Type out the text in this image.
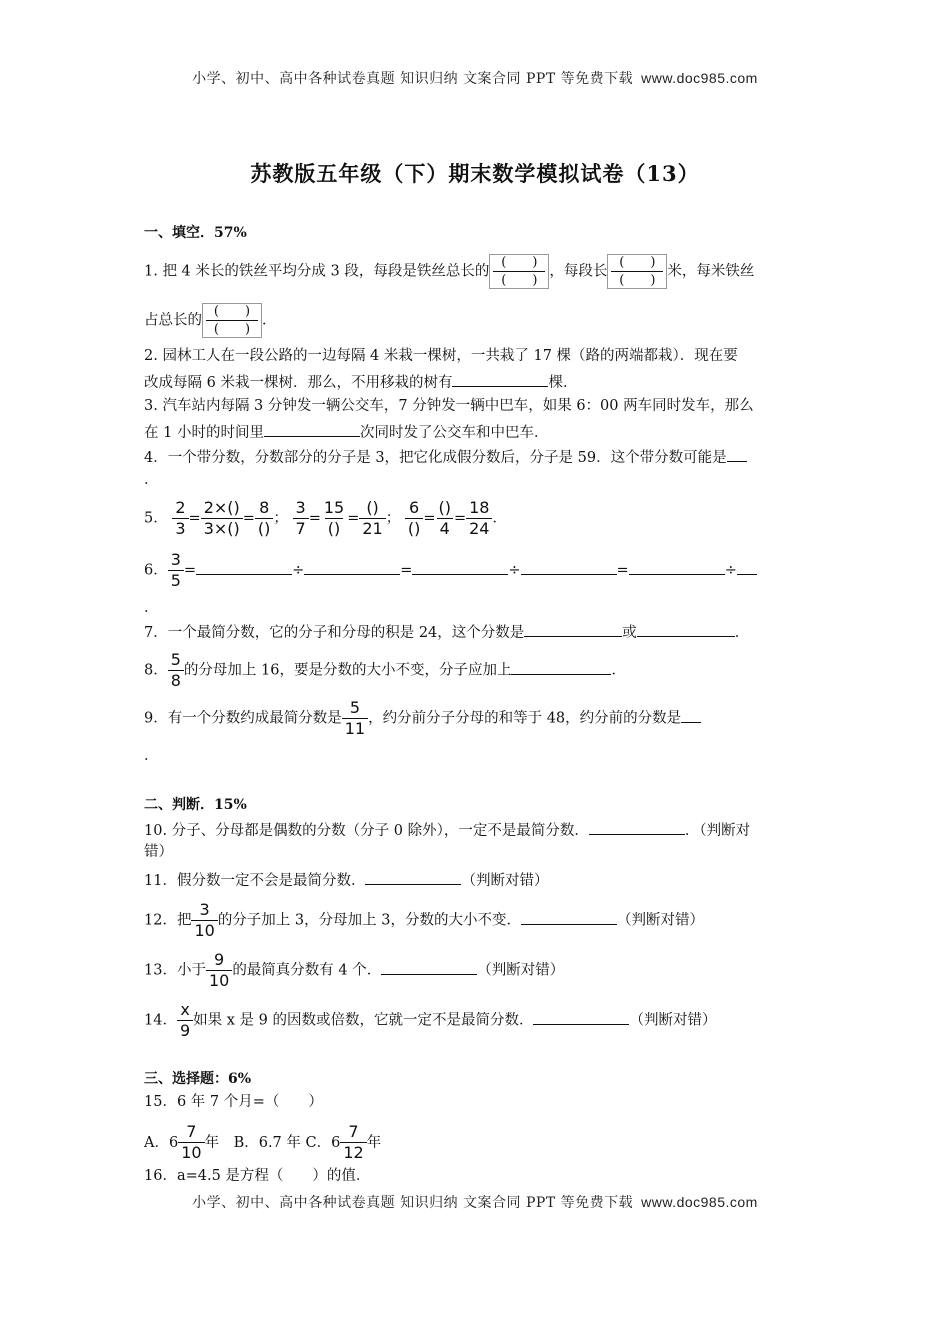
小学、初中、高中各种试卷真题 知识归纳 文案合同 PPT 等免费下载 www.doc985.com
苏教版五年级（下）期末数学模拟试卷（13）
一、填空．57%
1. 把 4 米长的铁丝平均分成 3 段，每段是铁丝总长的 $\frac{( )}{( )}$ ，每段长 $\frac{( )}{( )}$ 米，每米铁丝
占总长的 $\frac{( )}{( )}$ ．
2. 园林工人在一段公路的一边每隔 4 米栽一棵树，一共栽了 17 棵（路的两端都栽）．现在要
改成每隔 6 米栽一棵树．那么，不用移栽的树有	棵．
3. 汽车站内每隔 3 分钟发一辆公交车，7 分钟发一辆中巴车，如果 6：00 两车同时发车，那么
在 1 小时的时间里	次同时发了公交车和中巴车．
4．一个带分数，分数部分的分子是 3，把它化成假分数后，分子是 59．这个带分数可能是
．
5． $\frac{2}{3} = \frac{2\times()}{3\times()} = \frac{8}{()}$ ； $\frac{3}{7} = \frac{15}{()} = \frac{()}{21}$ ； $\frac{6}{()} = \frac{()}{4} = \frac{18}{24}$ ．
6． $\frac{3}{5}$ =	÷	=	÷	=	÷
．
7．一个最简分数，它的分子和分母的积是 24，这个分数是	或	．
8． $\frac{5}{8}$ 的分母加上 16，要是分数的大小不变，分子应加上	．
9．有一个分数约成最简分数是 $\frac{5}{11}$ ，约分前分子分母的和等于 48，约分前的分数是
．
二、判断．15%
10. 分子、分母都是偶数的分数（分子 0 除外），一定不是最简分数．	．（判断对
错）
11．假分数一定不会是最简分数．	（判断对错）
12．把 $\frac{3}{10}$ 的分子加上 3，分母加上 3，分数的大小不变．	（判断对错）
13．小于 $\frac{9}{10}$ 的最简真分数有 4 个．	（判断对错）
14． $\frac{x}{9}$ 如果 x 是 9 的因数或倍数，它就一定不是最简分数．	（判断对错）
三、选择题：6%
15．6 年 7 个月=（　　）
A．$6 \frac{7}{10}$ 年　 B．6.7 年 C．$6 \frac{7}{12}$ 年
16．a=4.5 是方程（　　）的值．
小学、初中、高中各种试卷真题 知识归纳 文案合同 PPT 等免费下载 www.doc985.com
